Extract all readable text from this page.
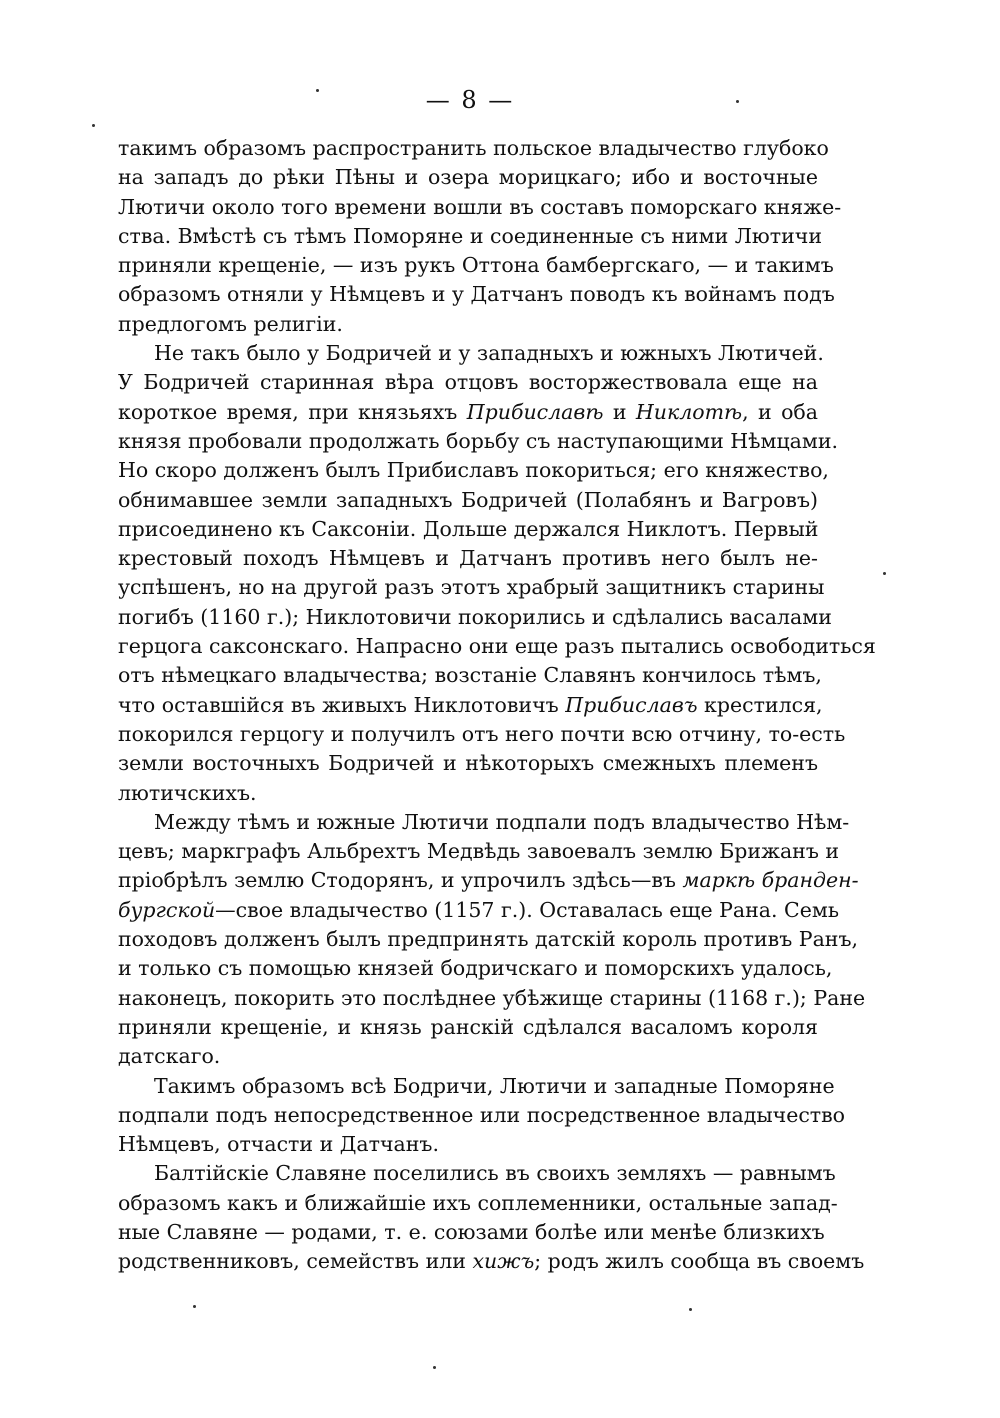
— 8 —
такимъ образомъ распространить польское владычество глубоко
на западъ до рѣки Пѣны и озера морицкаго; ибо и восточные
Лютичи около того времени вошли въ составъ поморскаго княже-
ства. Вмѣстѣ съ тѣмъ Поморяне и соединенные съ ними Лютичи
приняли крещеніе, — изъ рукъ Оттона бамбергскаго, — и такимъ
образомъ отняли у Нѣмцевъ и у Датчанъ поводъ къ войнамъ подъ
предлогомъ религіи.
Не такъ было у Бодричей и у западныхъ и южныхъ Лютичей.
У Бодричей старинная вѣра отцовъ восторжествовала еще на
короткое время, при князьяхъ Прибиславѣ и Никлотѣ, и оба
князя пробовали продолжать борьбу съ наступающими Нѣмцами.
Но скоро долженъ былъ Прибиславъ покориться; его княжество,
обнимавшее земли западныхъ Бодричей (Полабянъ и Вагровъ)
присоединено къ Саксоніи. Дольше держался Никлотъ. Первый
крестовый походъ Нѣмцевъ и Датчанъ противъ него былъ не-
успѣшенъ, но на другой разъ этотъ храбрый защитникъ старины
погибъ (1160 г.); Никлотовичи покорились и сдѣлались васалами
герцога саксонскаго. Напрасно они еще разъ пытались освободиться
отъ нѣмецкаго владычества; возстаніе Славянъ кончилось тѣмъ,
что оставшійся въ живыхъ Никлотовичъ Прибиславъ крестился,
покорился герцогу и получилъ отъ него почти всю отчину, то-есть
земли восточныхъ Бодричей и нѣкоторыхъ смежныхъ племенъ
лютичскихъ.
Между тѣмъ и южные Лютичи подпали подъ владычество Нѣм-
цевъ; маркграфъ Альбрехтъ Медвѣдь завоевалъ землю Брижанъ и
пріобрѣлъ землю Стодорянъ, и упрочилъ здѣсь—въ маркѣ бранден-
бургской—свое владычество (1157 г.). Оставалась еще Рана. Семь
походовъ долженъ былъ предпринять датскій король противъ Ранъ,
и только съ помощью князей бодричскаго и поморскихъ удалось,
наконецъ, покорить это послѣднее убѣжище старины (1168 г.); Ране
приняли крещеніе, и князь ранскій сдѣлался васаломъ короля
датскаго.
Такимъ образомъ всѣ Бодричи, Лютичи и западные Поморяне
подпали подъ непосредственное или посредственное владычество
Нѣмцевъ, отчасти и Датчанъ.
Балтійскіе Славяне поселились въ своихъ земляхъ — равнымъ
образомъ какъ и ближайшіе ихъ соплеменники, остальные запад-
ные Славяне — родами, т. е. союзами болѣе или менѣе близкихъ
родственниковъ, семействъ или хижъ; родъ жилъ сообща въ своемъ
